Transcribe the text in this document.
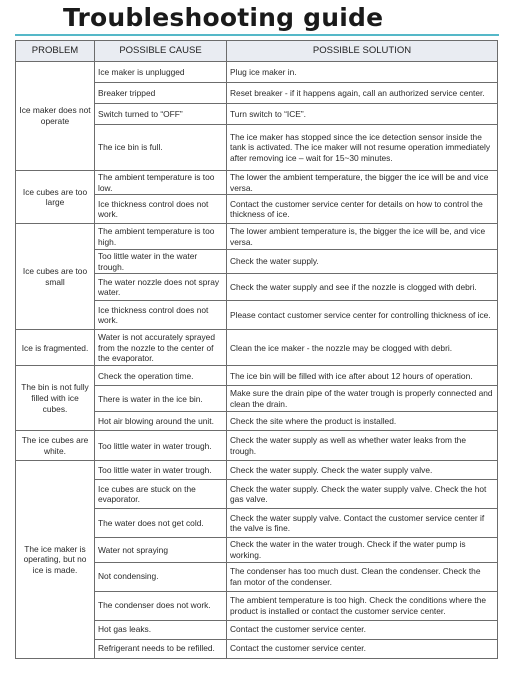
Troubleshooting guide
PROBLEM	POSSIBLE CAUSE	POSSIBLE SOLUTION
Ice maker does not operate	Ice maker is unplugged	Plug ice maker in.
	Breaker tripped	Reset breaker - if it happens again, call an authorized service center.
	Switch turned to “OFF”	Turn switch to “ICE”.
	The ice bin is full.	The ice maker has stopped since the ice detection sensor inside the tank is activated. The ice maker will not resume operation immediately after removing ice – wait for 15~30 minutes.
Ice cubes are too large	The ambient temperature is too low.	The lower the ambient temperature, the bigger the ice will be and vice versa.
	Ice thickness control does not work.	Contact the customer service center for details on how to control the thickness of ice.
Ice cubes are too small	The ambient temperature is too high.	The lower ambient temperature is, the bigger the ice will be, and vice versa.
	Too little water in the water trough.	Check the water supply.
	The water nozzle does not spray water.	Check the water supply and see if the nozzle is clogged with debri.
	Ice thickness control does not work.	Please contact customer service center for controlling thickness of ice.
Ice is fragmented.	Water is not accurately sprayed from the nozzle to the center of the evaporator.	Clean the ice maker - the nozzle may be clogged with debri.
The bin is not fully filled with ice cubes.	Check the operation time.	The ice bin will be filled with ice after about 12 hours of operation.
	There is water in the ice bin.	Make sure the drain pipe of the water trough is properly connected and clean the drain.
	Hot air blowing around the unit.	Check the site where the product is installed.
The ice cubes are white.	Too little water in water trough.	Check the water supply as well as whether water leaks from the trough.
The ice maker is operating, but no ice is made.	Too little water in water trough.	Check the water supply. Check the water supply valve.
	Ice cubes are stuck on the evaporator.	Check the water supply. Check the water supply valve. Check the hot gas valve.
	The water does not get cold.	Check the water supply valve. Contact the customer service center if the valve is fine.
	Water not spraying	Check the water in the water trough. Check if the water pump is working.
	Not condensing.	The condenser has too much dust. Clean the condenser. Check the fan motor of the condenser.
	The condenser does not work.	The ambient temperature is too high. Check the conditions where the product is installed or contact the customer service center.
	Hot gas leaks.	Contact the customer service center.
	Refrigerant needs to be refilled.	Contact the customer service center.
